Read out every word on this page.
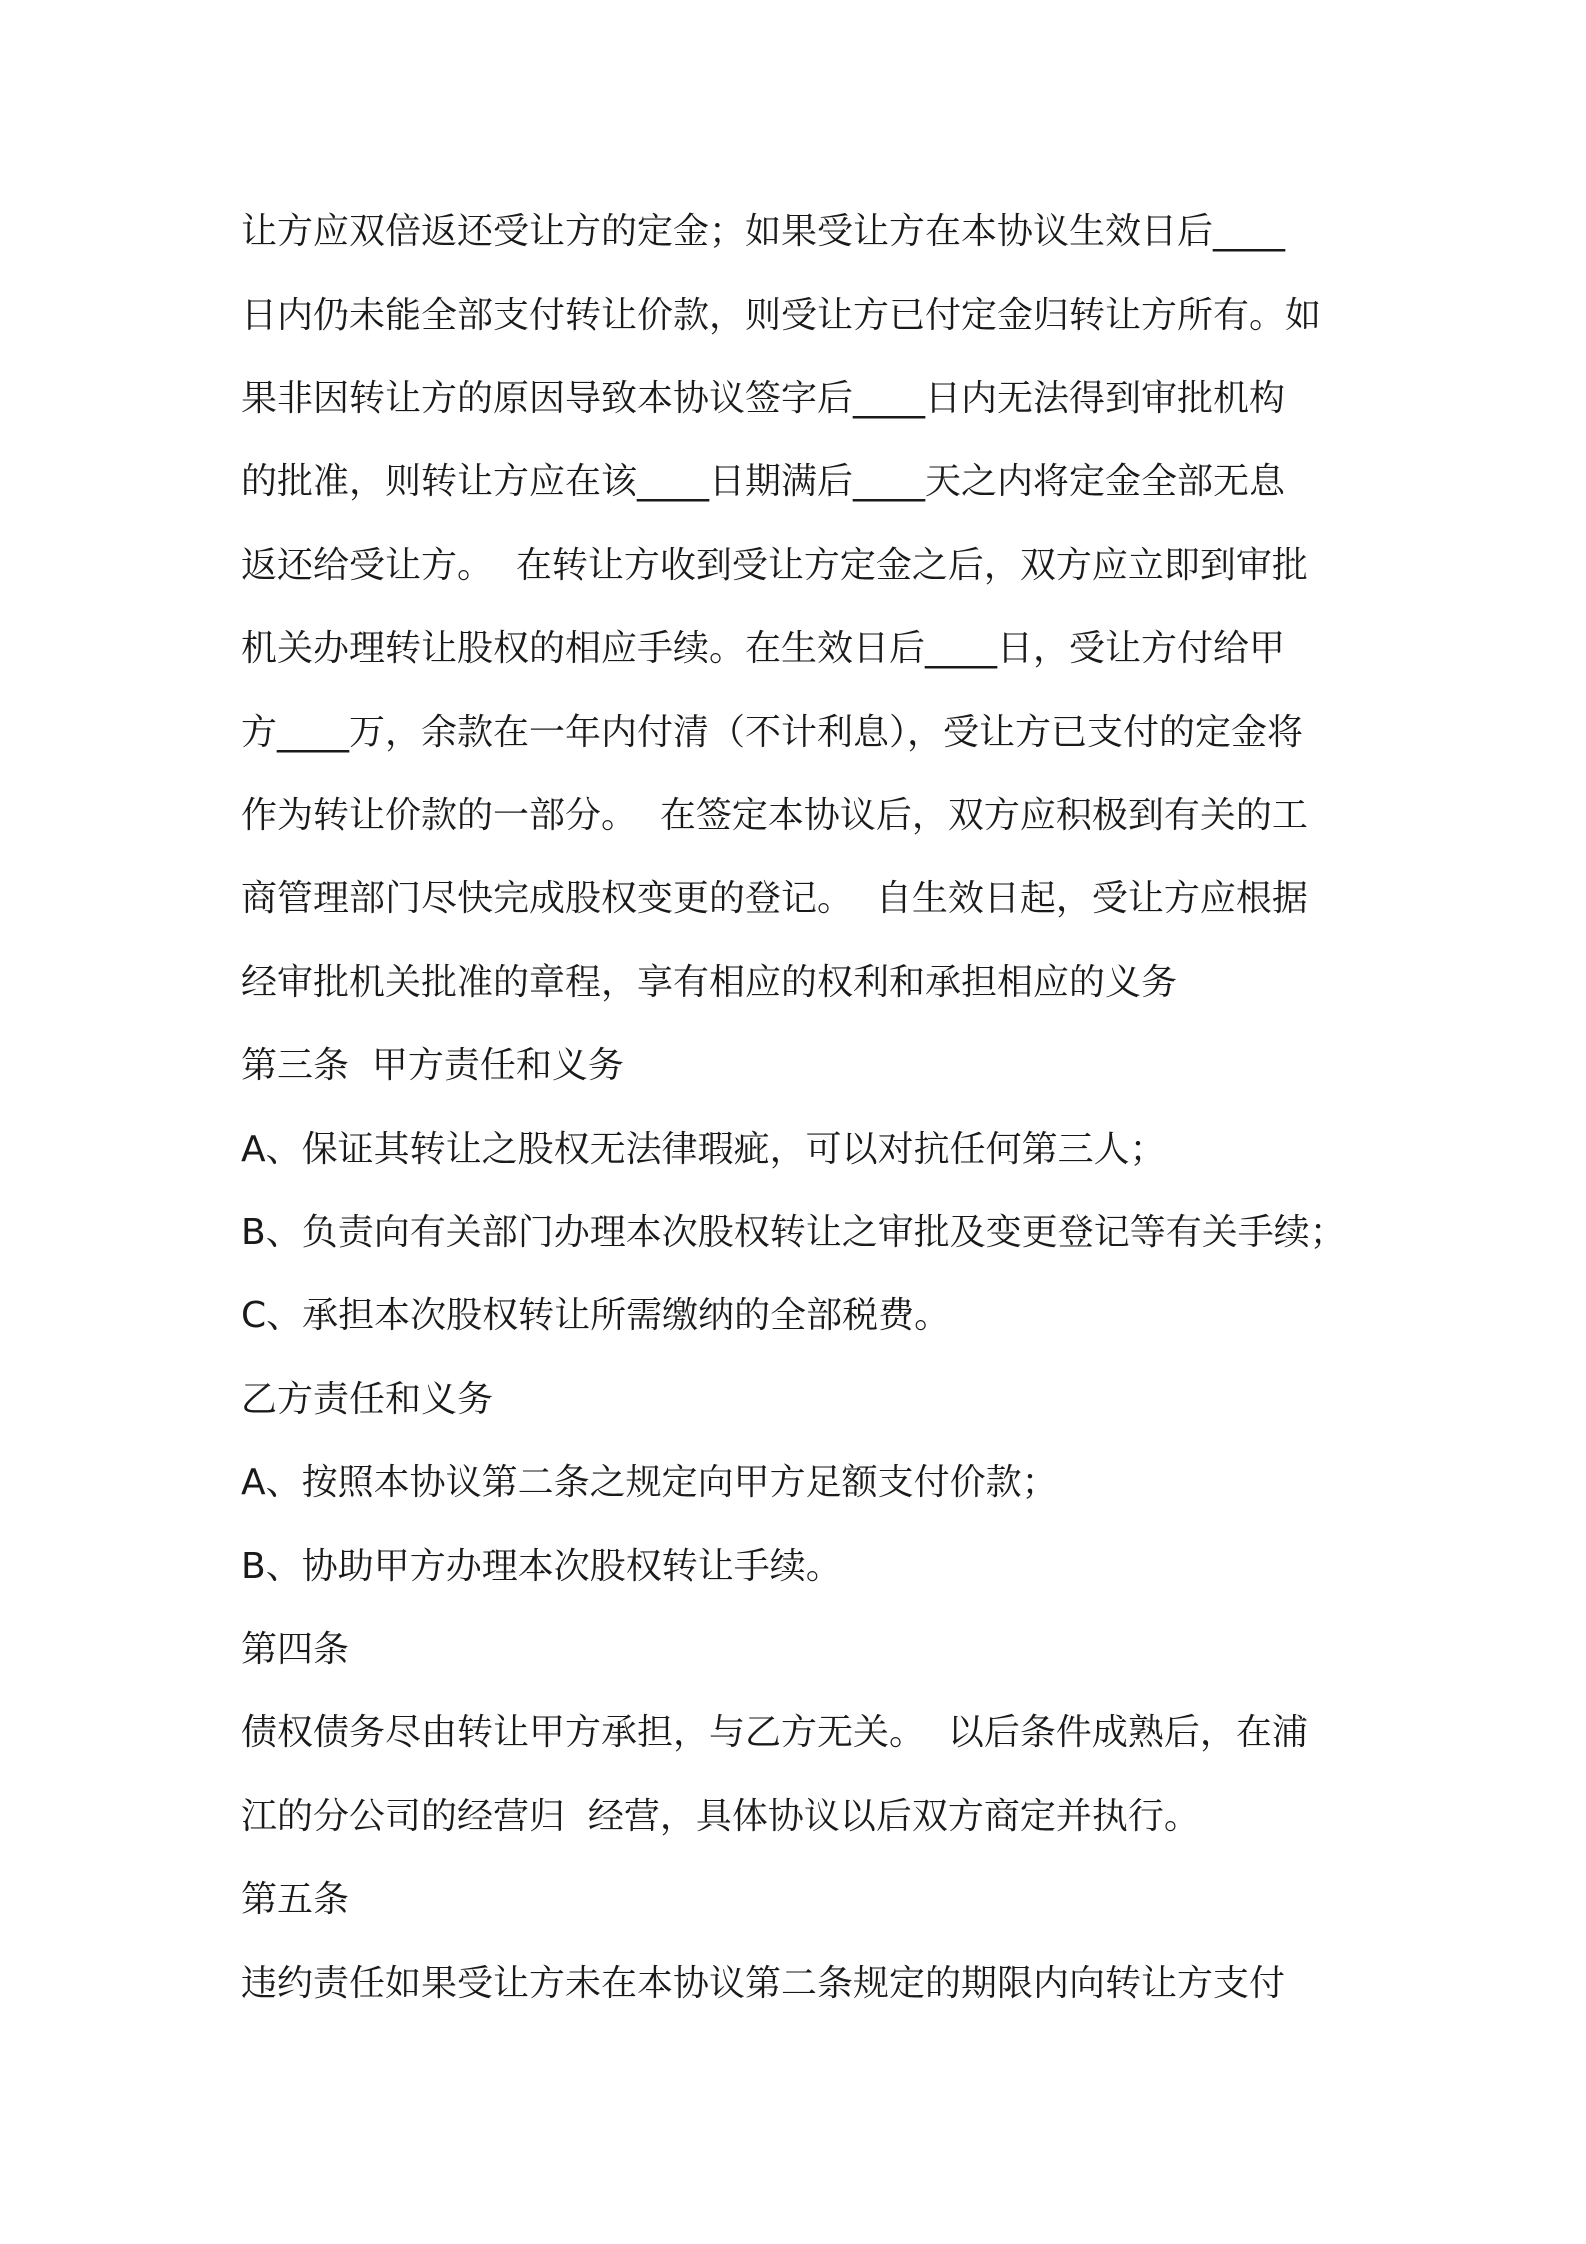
让方应双倍返还受让方的定金；如果受让方在本协议生效日后____

日内仍未能全部支付转让价款，则受让方已付定金归转让方所有。如

果非因转让方的原因导致本协议签字后____日内无法得到审批机构

的批准，则转让方应在该____日期满后____天之内将定金全部无息

返还给受让方。  在转让方收到受让方定金之后，双方应立即到审批

机关办理转让股权的相应手续。在生效日后____日，受让方付给甲

方____万，余款在一年内付清（不计利息），受让方已支付的定金将

作为转让价款的一部分。  在签定本协议后，双方应积极到有关的工

商管理部门尽快完成股权变更的登记。  自生效日起，受让方应根据

经审批机关批准的章程，享有相应的权利和承担相应的义务

第三条  甲方责任和义务

A、保证其转让之股权无法律瑕疵，可以对抗任何第三人；

B、负责向有关部门办理本次股权转让之审批及变更登记等有关手续；

C、承担本次股权转让所需缴纳的全部税费。

乙方责任和义务

A、按照本协议第二条之规定向甲方足额支付价款；

B、协助甲方办理本次股权转让手续。

第四条

债权债务尽由转让甲方承担，与乙方无关。  以后条件成熟后，在浦

江的分公司的经营归  经营，具体协议以后双方商定并执行。

第五条

违约责任如果受让方未在本协议第二条规定的期限内向转让方支付
